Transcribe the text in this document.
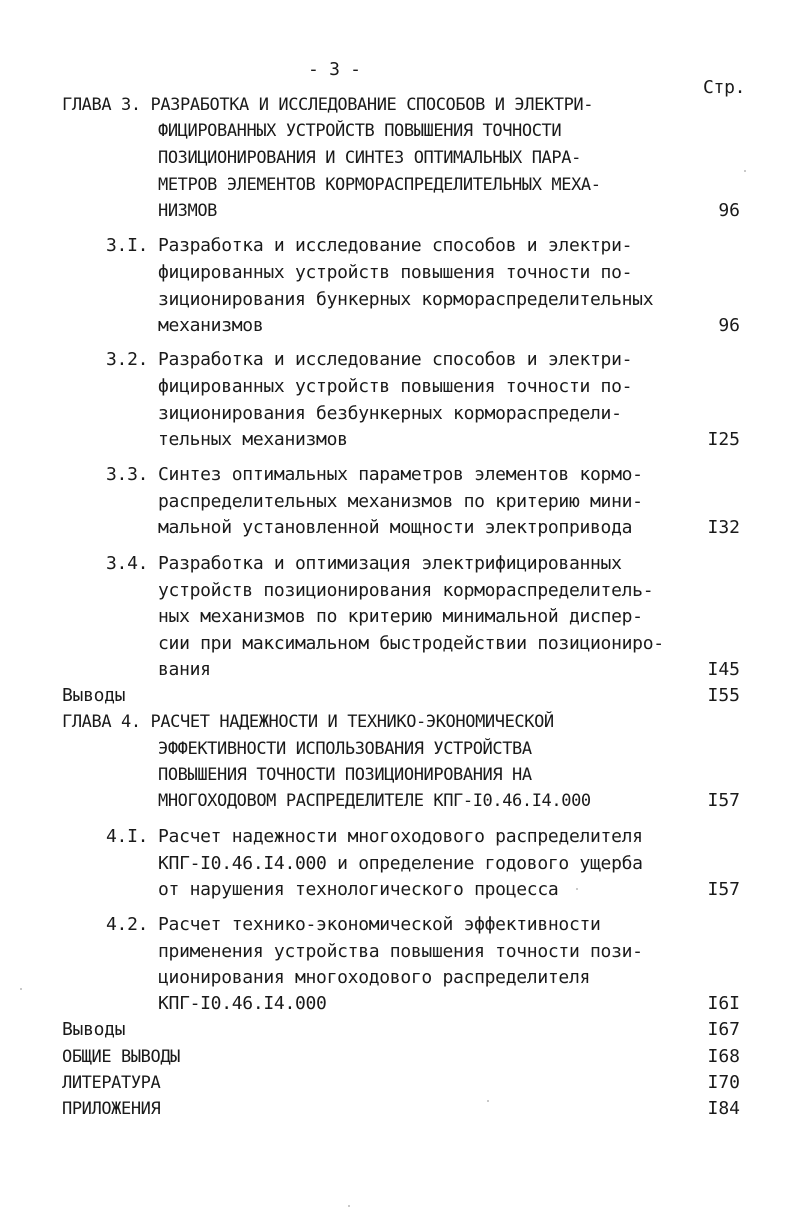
- 3 -
Стр.
ГЛАВА 3. РАЗРАБОТКА И ИССЛЕДОВАНИЕ СПОСОБОВ И ЭЛЕКТРИ-
ФИЦИРОВАННЫХ УСТРОЙСТВ ПОВЫШЕНИЯ ТОЧНОСТИ
ПОЗИЦИОНИРОВАНИЯ И СИНТЕЗ ОПТИМАЛЬНЫХ ПАРА-
МЕТРОВ ЭЛЕМЕНТОВ КОРМОРАСПРЕДЕЛИТЕЛЬНЫХ МЕХА-
НИЗМОВ	96
3.I. Разработка и исследование способов и электри-
фицированных устройств повышения точности по-
зиционирования бункерных кормораспределительных
механизмов	96
3.2. Разработка и исследование способов и электри-
фицированных устройств повышения точности по-
зиционирования безбункерных кормораспредели-
тельных механизмов	I25
3.3. Синтез оптимальных параметров элементов кормо-
распределительных механизмов по критерию мини-
мальной установленной мощности электропривода	I32
3.4. Разработка и оптимизация электрифицированных
устройств позиционирования кормораспределитель-
ных механизмов по критерию минимальной диспер-
сии при максимальном быстродействии позициониро-
вания	I45
Выводы	I55
ГЛАВА 4. РАСЧЕТ НАДЕЖНОСТИ И ТЕХНИКО-ЭКОНОМИЧЕСКОЙ
ЭФФЕКТИВНОСТИ ИСПОЛЬЗОВАНИЯ УСТРОЙСТВА
ПОВЫШЕНИЯ ТОЧНОСТИ ПОЗИЦИОНИРОВАНИЯ НА
МНОГОХОДОВОМ РАСПРЕДЕЛИТЕЛЕ КПГ-I0.46.I4.000	I57
4.I. Расчет надежности многоходового распределителя
КПГ-I0.46.I4.000 и определение годового ущерба
от нарушения технологического процесса	I57
4.2. Расчет технико-экономической эффективности
применения устройства повышения точности пози-
ционирования многоходового распределителя
КПГ-I0.46.I4.000	I6I
Выводы	I67
ОБЩИЕ ВЫВОДЫ	I68
ЛИТЕРАТУРА	I70
ПРИЛОЖЕНИЯ	I84
